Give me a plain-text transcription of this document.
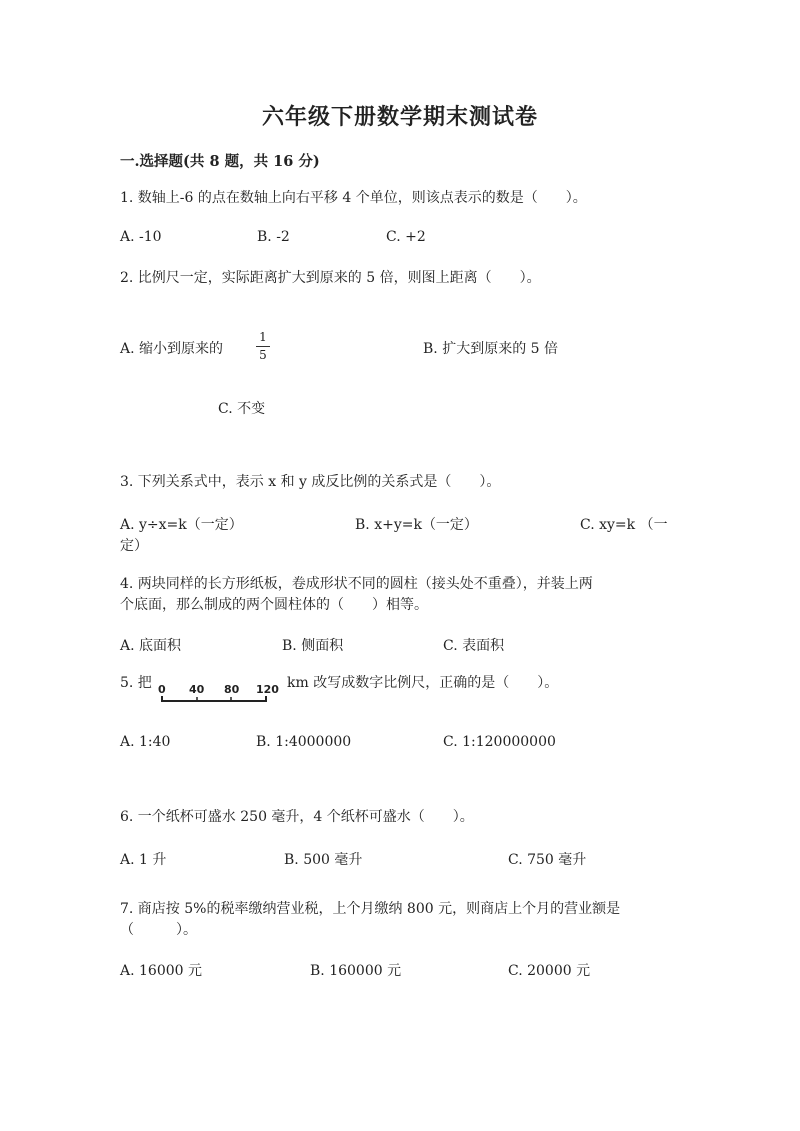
六年级下册数学期末测试卷
一.选择题(共 8 题，共 16 分)
1. 数轴上-6 的点在数轴上向右平移 4 个单位，则该点表示的数是（　　）。
A. -10	B. -2	C. +2
2. 比例尺一定，实际距离扩大到原来的 5 倍，则图上距离（　　）。
A. 缩小到原来的
1
5	B. 扩大到原来的 5 倍
C. 不变
3. 下列关系式中，表示 x 和 y 成反比例的关系式是（　　）。
A. y÷x=k（一定）	B. x+y=k（一定）	C. xy=k （一
定）
4. 两块同样的长方形纸板，卷成形状不同的圆柱（接头处不重叠），并装上两
个底面，那么制成的两个圆柱体的（　　）相等。
A. 底面积	B. 侧面积	C. 表面积
5. 把 0 40 80 120 km 改写成数字比例尺，正确的是（　　）。
A. 1:40	B. 1:4000000	C. 1:120000000
6. 一个纸杯可盛水 250 毫升，4 个纸杯可盛水（　　）。
A. 1 升	B. 500 毫升	C. 750 毫升
7. 商店按 5%的税率缴纳营业税，上个月缴纳 800 元，则商店上个月的营业额是
（　　　）。
A. 16000 元	B. 160000 元	C. 20000 元
